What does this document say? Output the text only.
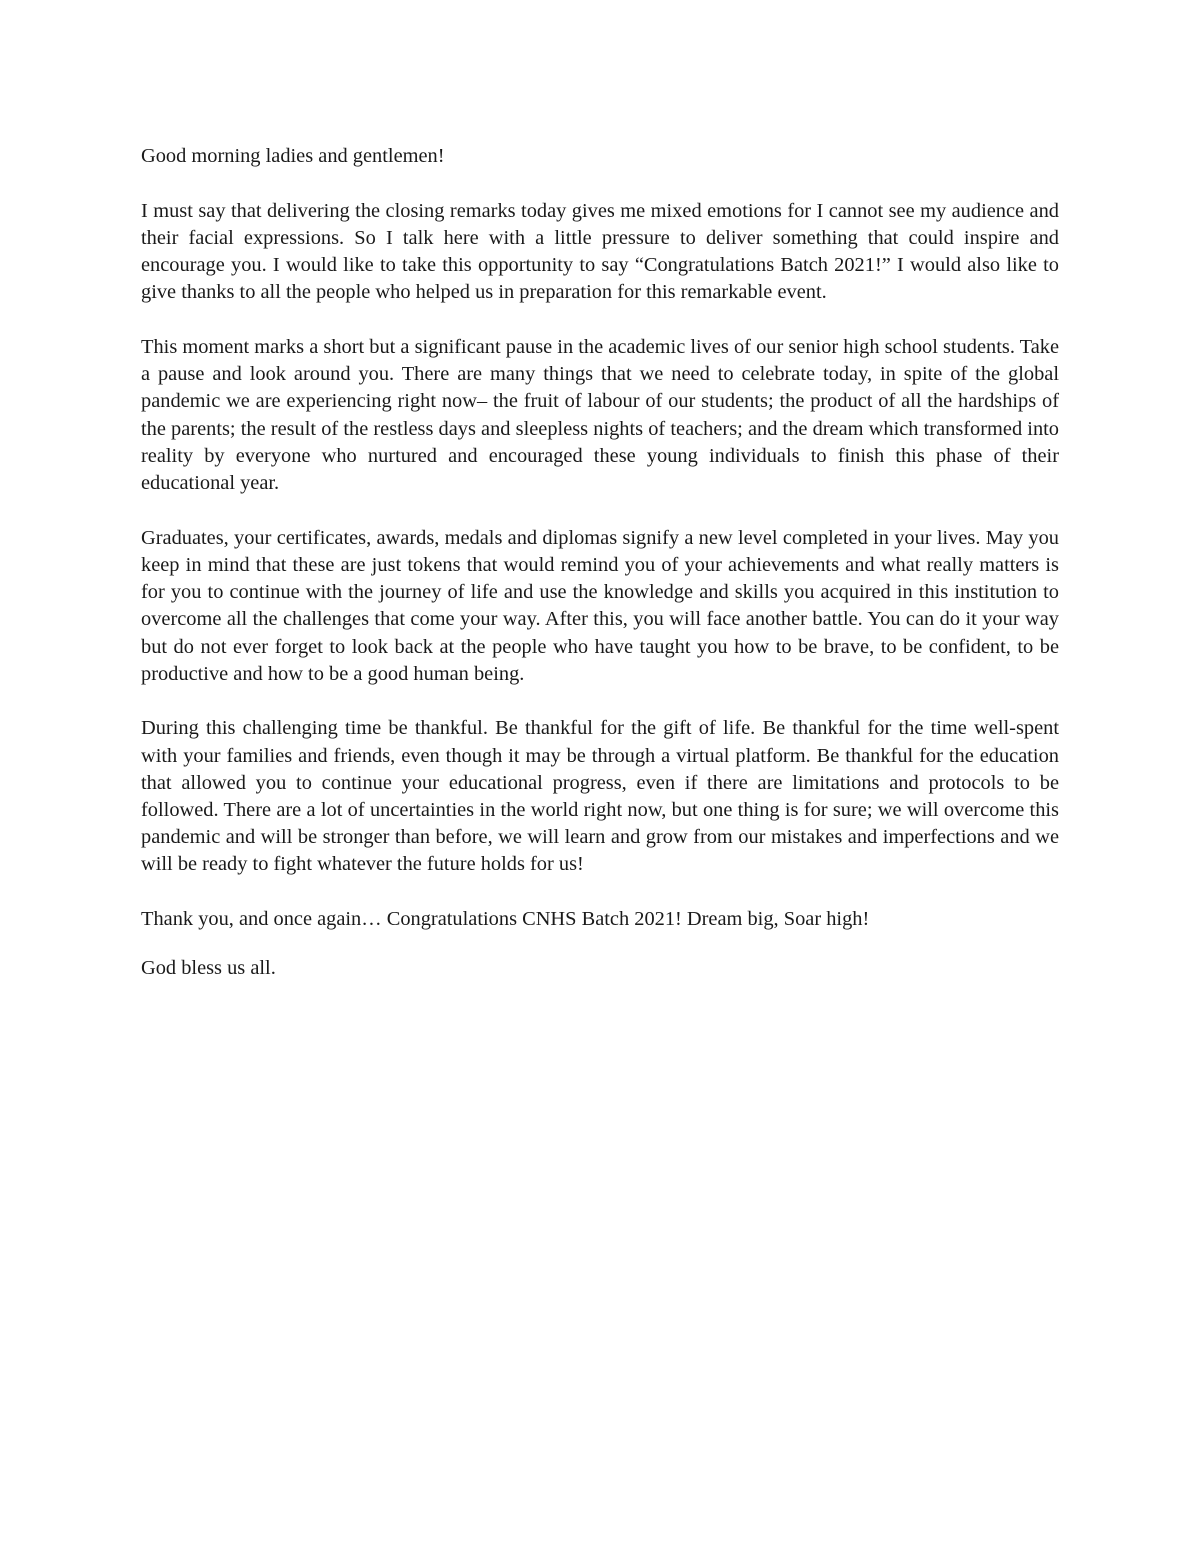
Good morning ladies and gentlemen!

I must say that delivering the closing remarks today gives me mixed emotions for I cannot see my audience and their facial expressions. So I talk here with a little pressure to deliver something that could inspire and encourage you. I would like to take this opportunity to say “Congratulations Batch 2021!” I would also like to give thanks to all the people who helped us in preparation for this remarkable event.

This moment marks a short but a significant pause in the academic lives of our senior high school students. Take a pause and look around you. There are many things that we need to celebrate today, in spite of the global pandemic we are experiencing right now– the fruit of labour of our students; the product of all the hardships of the parents; the result of the restless days and sleepless nights of teachers; and the dream which transformed into reality by everyone who nurtured and encouraged these young individuals to finish this phase of their educational year.

Graduates, your certificates, awards, medals and diplomas signify a new level completed in your lives. May you keep in mind that these are just tokens that would remind you of your achievements and what really matters is for you to continue with the journey of life and use the knowledge and skills you acquired in this institution to overcome all the challenges that come your way. After this, you will face another battle. You can do it your way but do not ever forget to look back at the people who have taught you how to be brave, to be confident, to be productive and how to be a good human being.

During this challenging time be thankful. Be thankful for the gift of life. Be thankful for the time well-spent with your families and friends, even though it may be through a virtual platform. Be thankful for the education that allowed you to continue your educational progress, even if there are limitations and protocols to be followed. There are a lot of uncertainties in the world right now, but one thing is for sure; we will overcome this pandemic and will be stronger than before, we will learn and grow from our mistakes and imperfections and we will be ready to fight whatever the future holds for us!

Thank you, and once again… Congratulations CNHS Batch 2021! Dream big, Soar high!

God bless us all.
